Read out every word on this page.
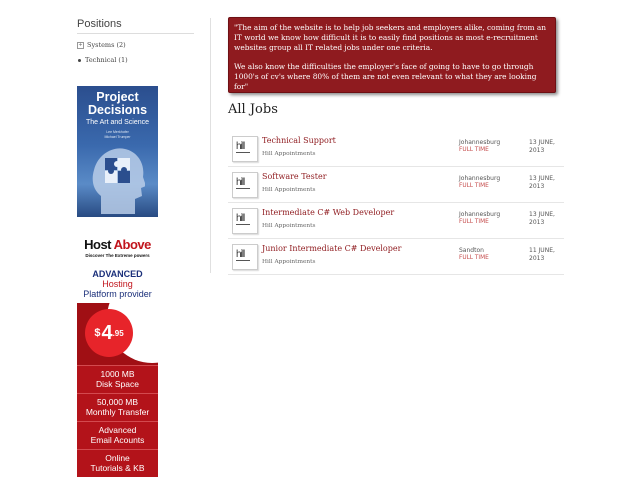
Positions
+ Systems (2)
Technical (1)
Project
Decisions
The Art and Science
Lee Merkhofer
Michael Trumper
Host Above
Discover The Extreme powers
ADVANCED
Hosting
Platform provider
$ 4 .95
1000 MB
Disk Space
50,000 MB
Monthly Transfer
Advanced
Email Acounts
Online
Tutorials & KB

"The aim of the website is to help job seekers and employers alike, coming from an IT world we know how difficult it is to easily find positions as most e-recruitment websites group all IT related jobs under one criteria.

We also know the difficulties the employer's face of going to have to go through 1000's of cv's where 80% of them are not even relevant to what they are looking for"

All Jobs
hill
Technical Support
Hill Appointments
Johannesburg
FULL TIME
13 JUNE, 2013
hill
Software Tester
Hill Appointments
Johannesburg
FULL TIME
13 JUNE, 2013
hill
Intermediate C# Web Developer
Hill Appointments
Johannesburg
FULL TIME
13 JUNE, 2013
hill
Junior Intermediate C# Developer
Hill Appointments
Sandton
FULL TIME
11 JUNE, 2013
